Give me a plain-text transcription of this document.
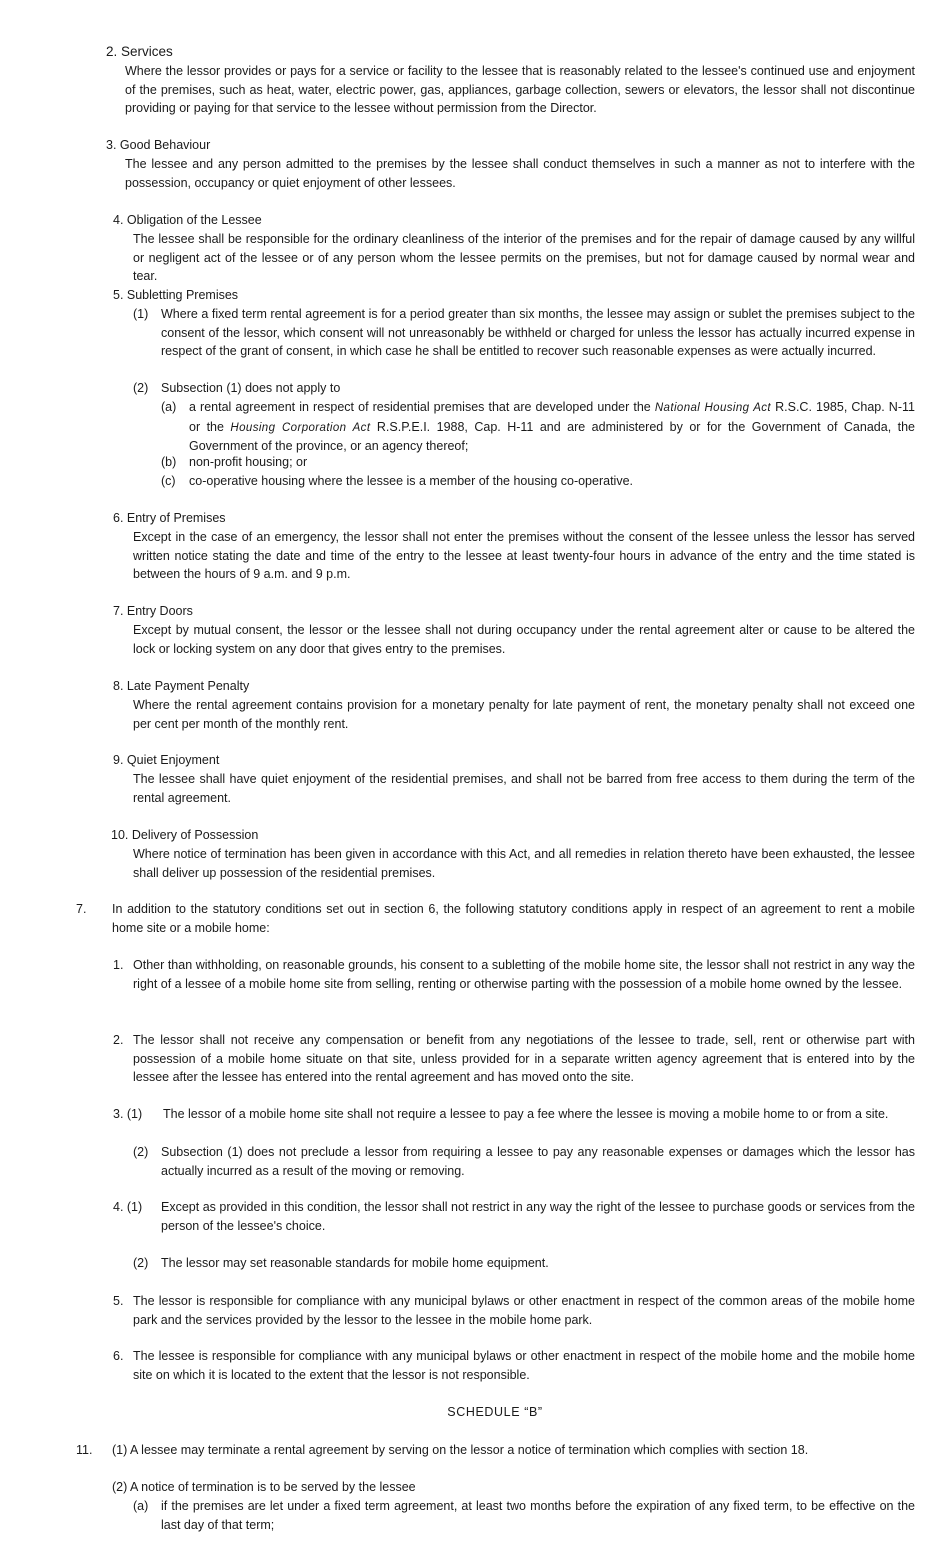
2. Services
Where the lessor provides or pays for a service or facility to the lessee that is reasonably related to the lessee's continued use and enjoyment of the premises, such as heat, water, electric power, gas, appliances, garbage collection, sewers or elevators, the lessor shall not discontinue providing or paying for that service to the lessee without permission from the Director.
3. Good Behaviour
The lessee and any person admitted to the premises by the lessee shall conduct themselves in such a manner as not to interfere with the possession, occupancy or quiet enjoyment of other lessees.
4. Obligation of the Lessee
The lessee shall be responsible for the ordinary cleanliness of the interior of the premises and for the repair of damage caused by any willful or negligent act of the lessee or of any person whom the lessee permits on the premises, but not for damage caused by normal wear and tear.
5. Subletting Premises
(1) Where a fixed term rental agreement is for a period greater than six months, the lessee may assign or sublet the premises subject to the consent of the lessor, which consent will not unreasonably be withheld or charged for unless the lessor has actually incurred expense in respect of the grant of consent, in which case he shall be entitled to recover such reasonable expenses as were actually incurred.
(2) Subsection (1) does not apply to
(a) a rental agreement in respect of residential premises that are developed under the National Housing Act R.S.C. 1985, Chap. N-11 or the Housing Corporation Act R.S.P.E.I. 1988, Cap. H-11 and are administered by or for the Government of Canada, the Government of the province, or an agency thereof;
(b) non-profit housing; or
(c) co-operative housing where the lessee is a member of the housing co-operative.
6. Entry of Premises
Except in the case of an emergency, the lessor shall not enter the premises without the consent of the lessee unless the lessor has served written notice stating the date and time of the entry to the lessee at least twenty-four hours in advance of the entry and the time stated is between the hours of 9 a.m. and 9 p.m.
7. Entry Doors
Except by mutual consent, the lessor or the lessee shall not during occupancy under the rental agreement alter or cause to be altered the lock or locking system on any door that gives entry to the premises.
8. Late Payment Penalty
Where the rental agreement contains provision for a monetary penalty for late payment of rent, the monetary penalty shall not exceed one per cent per month of the monthly rent.
9. Quiet Enjoyment
The lessee shall have quiet enjoyment of the residential premises, and shall not be barred from free access to them during the term of the rental agreement.
10. Delivery of Possession
Where notice of termination has been given in accordance with this Act, and all remedies in relation thereto have been exhausted, the lessee shall deliver up possession of the residential premises.
7. In addition to the statutory conditions set out in section 6, the following statutory conditions apply in respect of an agreement to rent a mobile home site or a mobile home:
1. Other than withholding, on reasonable grounds, his consent to a subletting of the mobile home site, the lessor shall not restrict in any way the right of a lessee of a mobile home site from selling, renting or otherwise parting with the possession of a mobile home owned by the lessee.
2. The lessor shall not receive any compensation or benefit from any negotiations of the lessee to trade, sell, rent or otherwise part with possession of a mobile home situate on that site, unless provided for in a separate written agency agreement that is entered into by the lessee after the lessee has entered into the rental agreement and has moved onto the site.
3. (1) The lessor of a mobile home site shall not require a lessee to pay a fee where the lessee is moving a mobile home to or from a site.
(2) Subsection (1) does not preclude a lessor from requiring a lessee to pay any reasonable expenses or damages which the lessor has actually incurred as a result of the moving or removing.
4. (1) Except as provided in this condition, the lessor shall not restrict in any way the right of the lessee to purchase goods or services from the person of the lessee's choice.
(2) The lessor may set reasonable standards for mobile home equipment.
5. The lessor is responsible for compliance with any municipal bylaws or other enactment in respect of the common areas of the mobile home park and the services provided by the lessor to the lessee in the mobile home park.
6. The lessee is responsible for compliance with any municipal bylaws or other enactment in respect of the mobile home and the mobile home site on which it is located to the extent that the lessor is not responsible.
SCHEDULE “B”
11. (1) A lessee may terminate a rental agreement by serving on the lessor a notice of termination which complies with section 18.
(2) A notice of termination is to be served by the lessee
(a) if the premises are let under a fixed term agreement, at least two months before the expiration of any fixed term, to be effective on the last day of that term;
